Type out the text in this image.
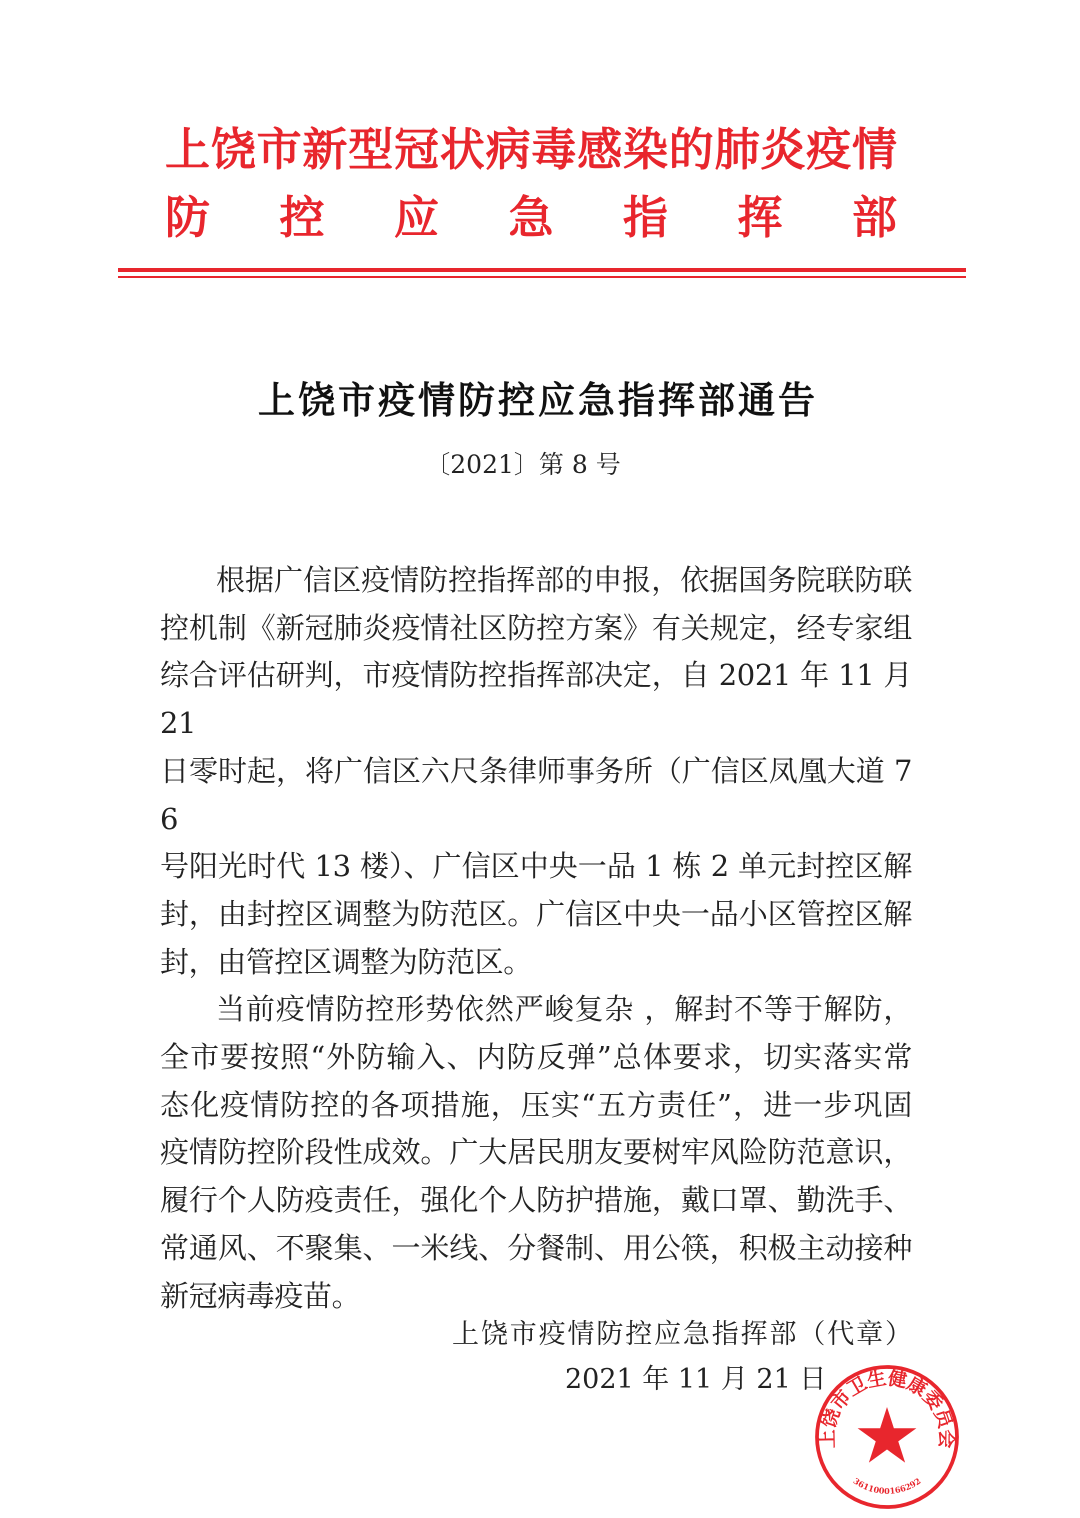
上饶市新型冠状病毒感染的肺炎疫情
防控应急指挥部
上饶市疫情防控应急指挥部通告
〔2021〕第 8 号
根据广信区疫情防控指挥部的申报，依据国务院联防联
控机制《新冠肺炎疫情社区防控方案》有关规定，经专家组
综合评估研判，市疫情防控指挥部决定，自 2021 年 11 月 21
日零时起，将广信区六尺条律师事务所（广信区凤凰大道 76
号阳光时代 13 楼）、广信区中央一品 1 栋 2 单元封控区解
封，由封控区调整为防范区。广信区中央一品小区管控区解
封，由管控区调整为防范区。
当前疫情防控形势依然严峻复杂 ，解封不等于解防，
全市要按照“外防输入、内防反弹”总体要求，切实落实常
态化疫情防控的各项措施，压实“五方责任”，进一步巩固
疫情防控阶段性成效。广大居民朋友要树牢风险防范意识，
履行个人防疫责任，强化个人防护措施，戴口罩、勤洗手、
常通风、不聚集、一米线、分餐制、用公筷，积极主动接种
新冠病毒疫苗。
上饶市卫生健康委员会
3611000166292
上饶市疫情防控应急指挥部（代章）
2021 年 11 月 21 日
